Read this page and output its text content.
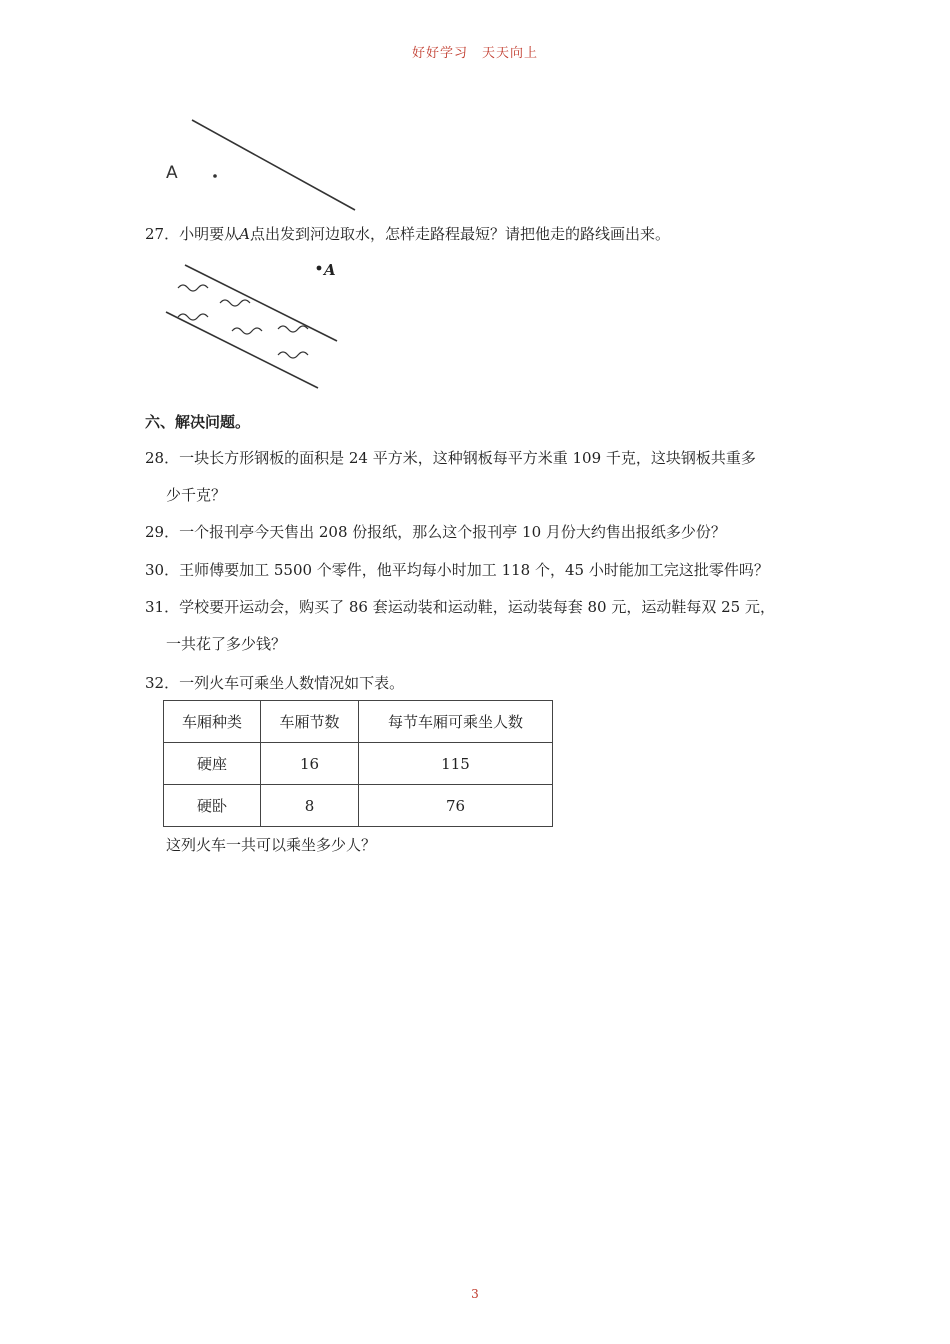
好好学习　天天向上
A
27．小明要从A点出发到河边取水，怎样走路程最短？请把他走的路线画出来。
A
六、解决问题。
28．一块长方形钢板的面积是 24 平方米，这种钢板每平方米重 109 千克，这块钢板共重多
少千克？
29．一个报刊亭今天售出 208 份报纸，那么这个报刊亭 10 月份大约售出报纸多少份？
30．王师傅要加工 5500 个零件，他平均每小时加工 118 个，45 小时能加工完这批零件吗？
31．学校要开运动会，购买了 86 套运动装和运动鞋，运动装每套 80 元，运动鞋每双 25 元，
一共花了多少钱？
32．一列火车可乘坐人数情况如下表。
车厢种类	车厢节数	每节车厢可乘坐人数
硬座	16	115
硬卧	8	76
这列火车一共可以乘坐多少人？
3
